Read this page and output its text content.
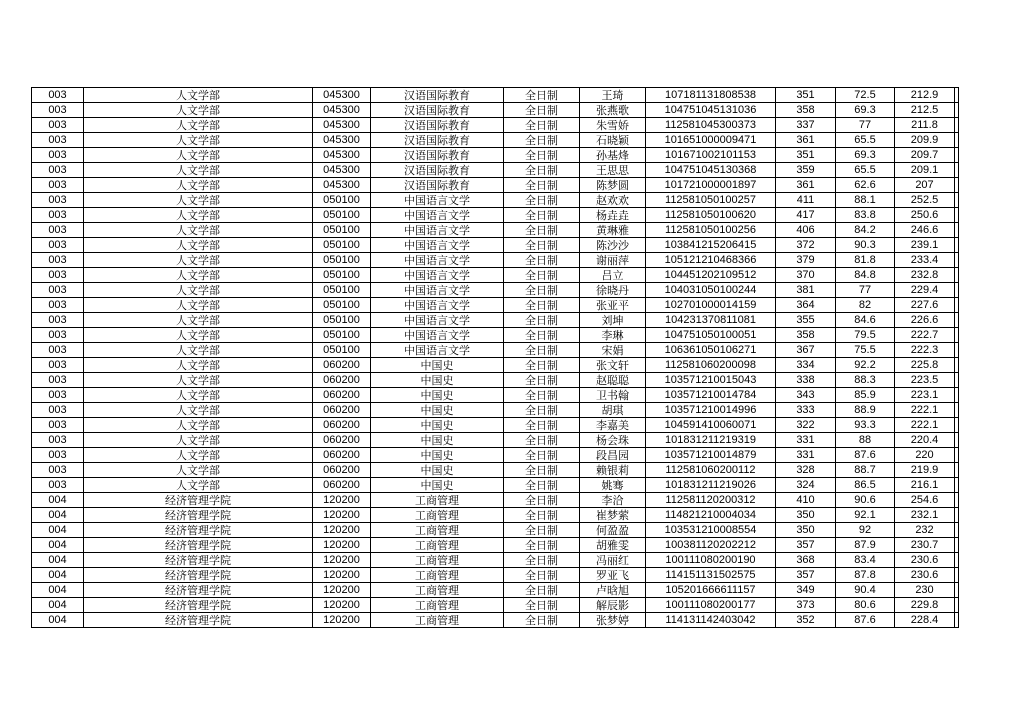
003	人文学部	045300	汉语国际教育	全日制	王琦	107181131808538	351	72.5	212.9	
003	人文学部	045300	汉语国际教育	全日制	张燕歌	104751045131036	358	69.3	212.5	
003	人文学部	045300	汉语国际教育	全日制	朱雪娇	112581045300373	337	77	211.8	
003	人文学部	045300	汉语国际教育	全日制	石晓颖	101651000009471	361	65.5	209.9	
003	人文学部	045300	汉语国际教育	全日制	孙基烽	101671002101153	351	69.3	209.7	
003	人文学部	045300	汉语国际教育	全日制	王思思	104751045130368	359	65.5	209.1	
003	人文学部	045300	汉语国际教育	全日制	陈梦圆	101721000001897	361	62.6	207	
003	人文学部	050100	中国语言文学	全日制	赵欢欢	112581050100257	411	88.1	252.5	
003	人文学部	050100	中国语言文学	全日制	杨垚垚	112581050100620	417	83.8	250.6	
003	人文学部	050100	中国语言文学	全日制	黄琳雅	112581050100256	406	84.2	246.6	
003	人文学部	050100	中国语言文学	全日制	陈沙沙	103841215206415	372	90.3	239.1	
003	人文学部	050100	中国语言文学	全日制	谢丽萍	105121210468366	379	81.8	233.4	
003	人文学部	050100	中国语言文学	全日制	吕立	104451202109512	370	84.8	232.8	
003	人文学部	050100	中国语言文学	全日制	徐晓丹	104031050100244	381	77	229.4	
003	人文学部	050100	中国语言文学	全日制	张亚平	102701000014159	364	82	227.6	
003	人文学部	050100	中国语言文学	全日制	刘坤	104231370811081	355	84.6	226.6	
003	人文学部	050100	中国语言文学	全日制	李琳	104751050100051	358	79.5	222.7	
003	人文学部	050100	中国语言文学	全日制	宋娟	106361050106271	367	75.5	222.3	
003	人文学部	060200	中国史	全日制	张文轩	112581060200098	334	92.2	225.8	
003	人文学部	060200	中国史	全日制	赵聪聪	103571210015043	338	88.3	223.5	
003	人文学部	060200	中国史	全日制	卫书翰	103571210014784	343	85.9	223.1	
003	人文学部	060200	中国史	全日制	胡琪	103571210014996	333	88.9	222.1	
003	人文学部	060200	中国史	全日制	李嘉美	104591410060071	322	93.3	222.1	
003	人文学部	060200	中国史	全日制	杨会珠	101831211219319	331	88	220.4	
003	人文学部	060200	中国史	全日制	段昌园	103571210014879	331	87.6	220	
003	人文学部	060200	中国史	全日制	赖银莉	112581060200112	328	88.7	219.9	
003	人文学部	060200	中国史	全日制	姚骞	101831211219026	324	86.5	216.1	
004	经济管理学院	120200	工商管理	全日制	李洽	112581120200312	410	90.6	254.6	
004	经济管理学院	120200	工商管理	全日制	崔梦萦	114821210004034	350	92.1	232.1	
004	经济管理学院	120200	工商管理	全日制	何盈盈	103531210008554	350	92	232	
004	经济管理学院	120200	工商管理	全日制	胡雅雯	100381120202212	357	87.9	230.7	
004	经济管理学院	120200	工商管理	全日制	冯丽红	100111080200190	368	83.4	230.6	
004	经济管理学院	120200	工商管理	全日制	罗亚飞	114151131502575	357	87.8	230.6	
004	经济管理学院	120200	工商管理	全日制	卢晗旭	105201666611157	349	90.4	230	
004	经济管理学院	120200	工商管理	全日制	解辰影	100111080200177	373	80.6	229.8	
004	经济管理学院	120200	工商管理	全日制	张梦婷	114131142403042	352	87.6	228.4	
